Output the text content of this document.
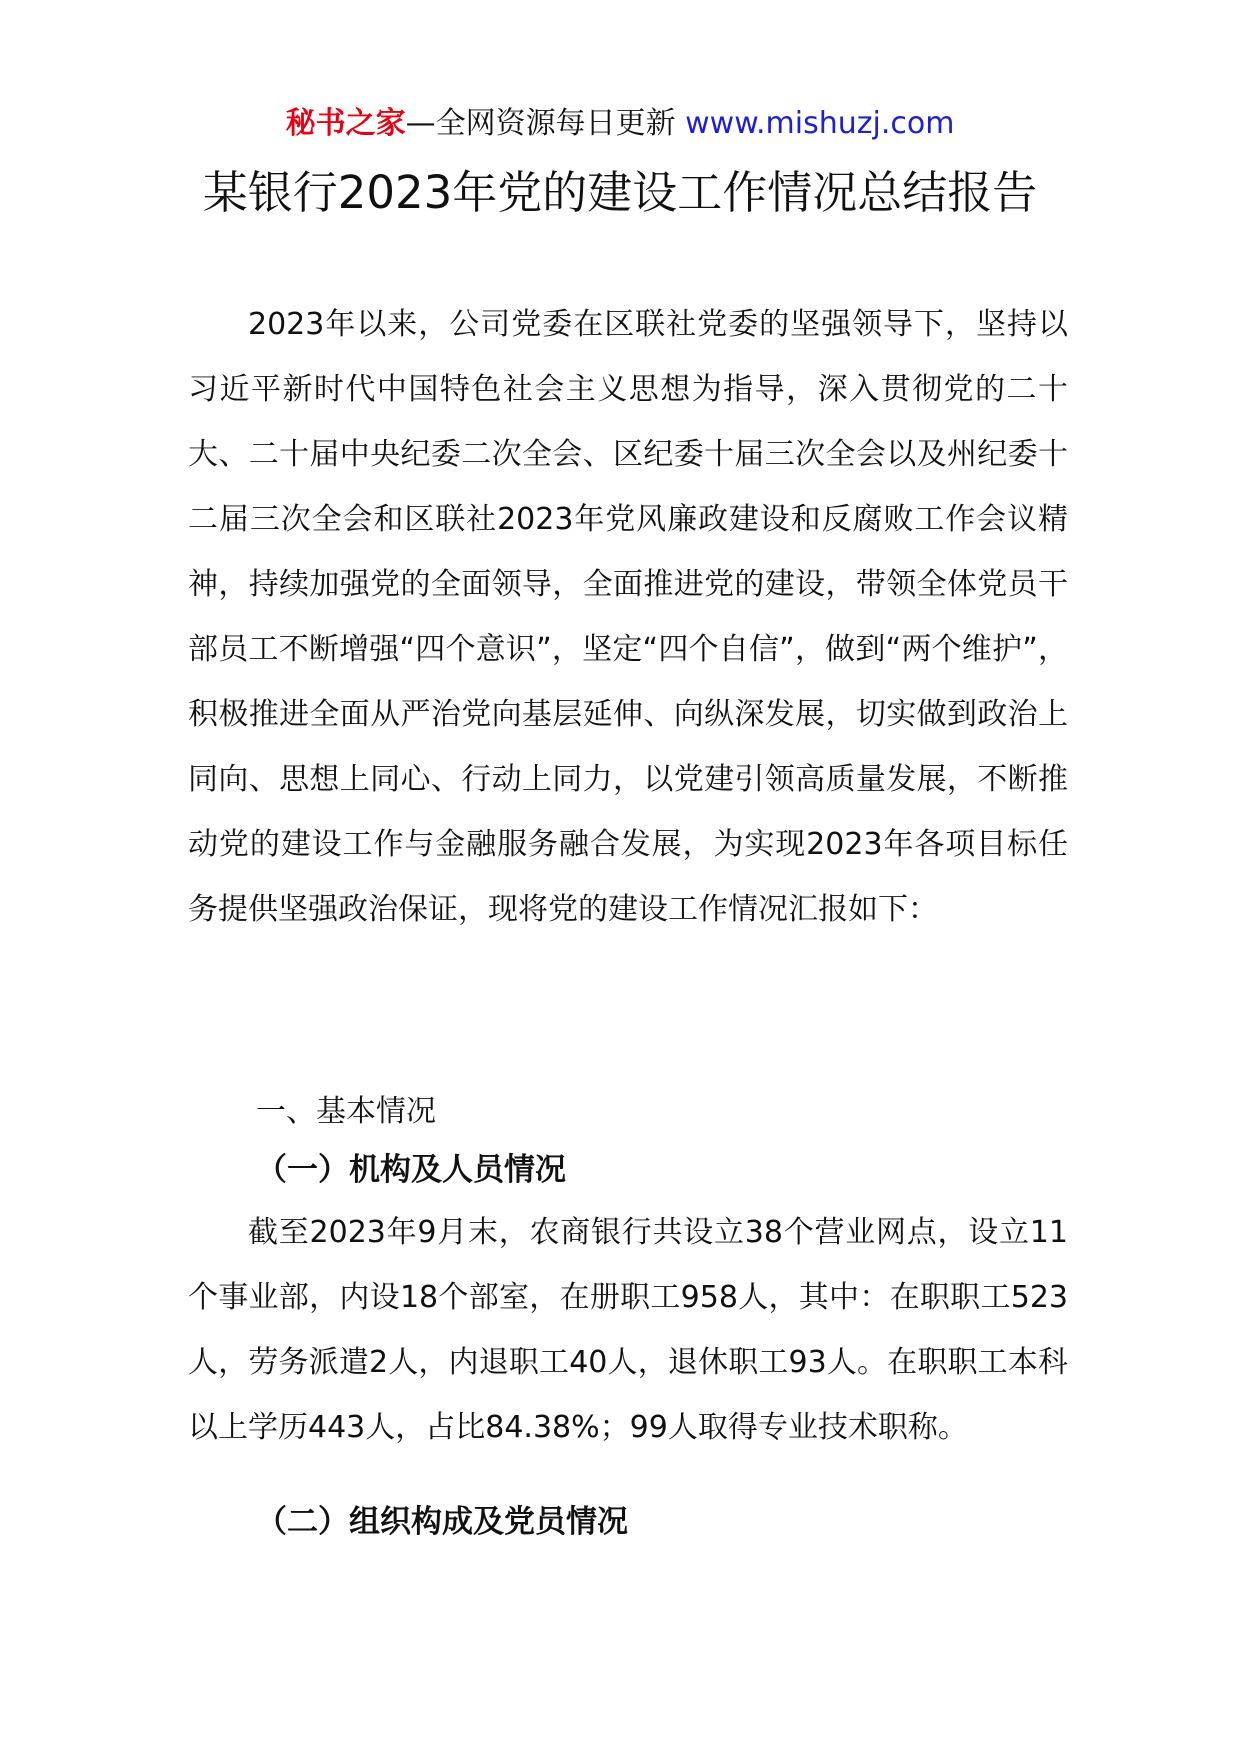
秘书之家—全网资源每日更新 www.mishuzj.com
某银行2023年党的建设工作情况总结报告

2023年以来，公司党委在区联社党委的坚强领导下，坚持以习近平新时代中国特色社会主义思想为指导，深入贯彻党的二十大、二十届中央纪委二次全会、区纪委十届三次全会以及州纪委十二届三次全会和区联社2023年党风廉政建设和反腐败工作会议精神，持续加强党的全面领导，全面推进党的建设，带领全体党员干部员工不断增强“四个意识”，坚定“四个自信”，做到“两个维护”，积极推进全面从严治党向基层延伸、向纵深发展，切实做到政治上同向、思想上同心、行动上同力，以党建引领高质量发展，不断推动党的建设工作与金融服务融合发展，为实现2023年各项目标任务提供坚强政治保证，现将党的建设工作情况汇报如下：

一、基本情况
（一）机构及人员情况

截至2023年9月末，农商银行共设立38个营业网点，设立11个事业部，内设18个部室，在册职工958人，其中：在职职工523人，劳务派遣2人，内退职工40人，退休职工93人。在职职工本科以上学历443人，占比84.38%；99人取得专业技术职称。

（二）组织构成及党员情况
